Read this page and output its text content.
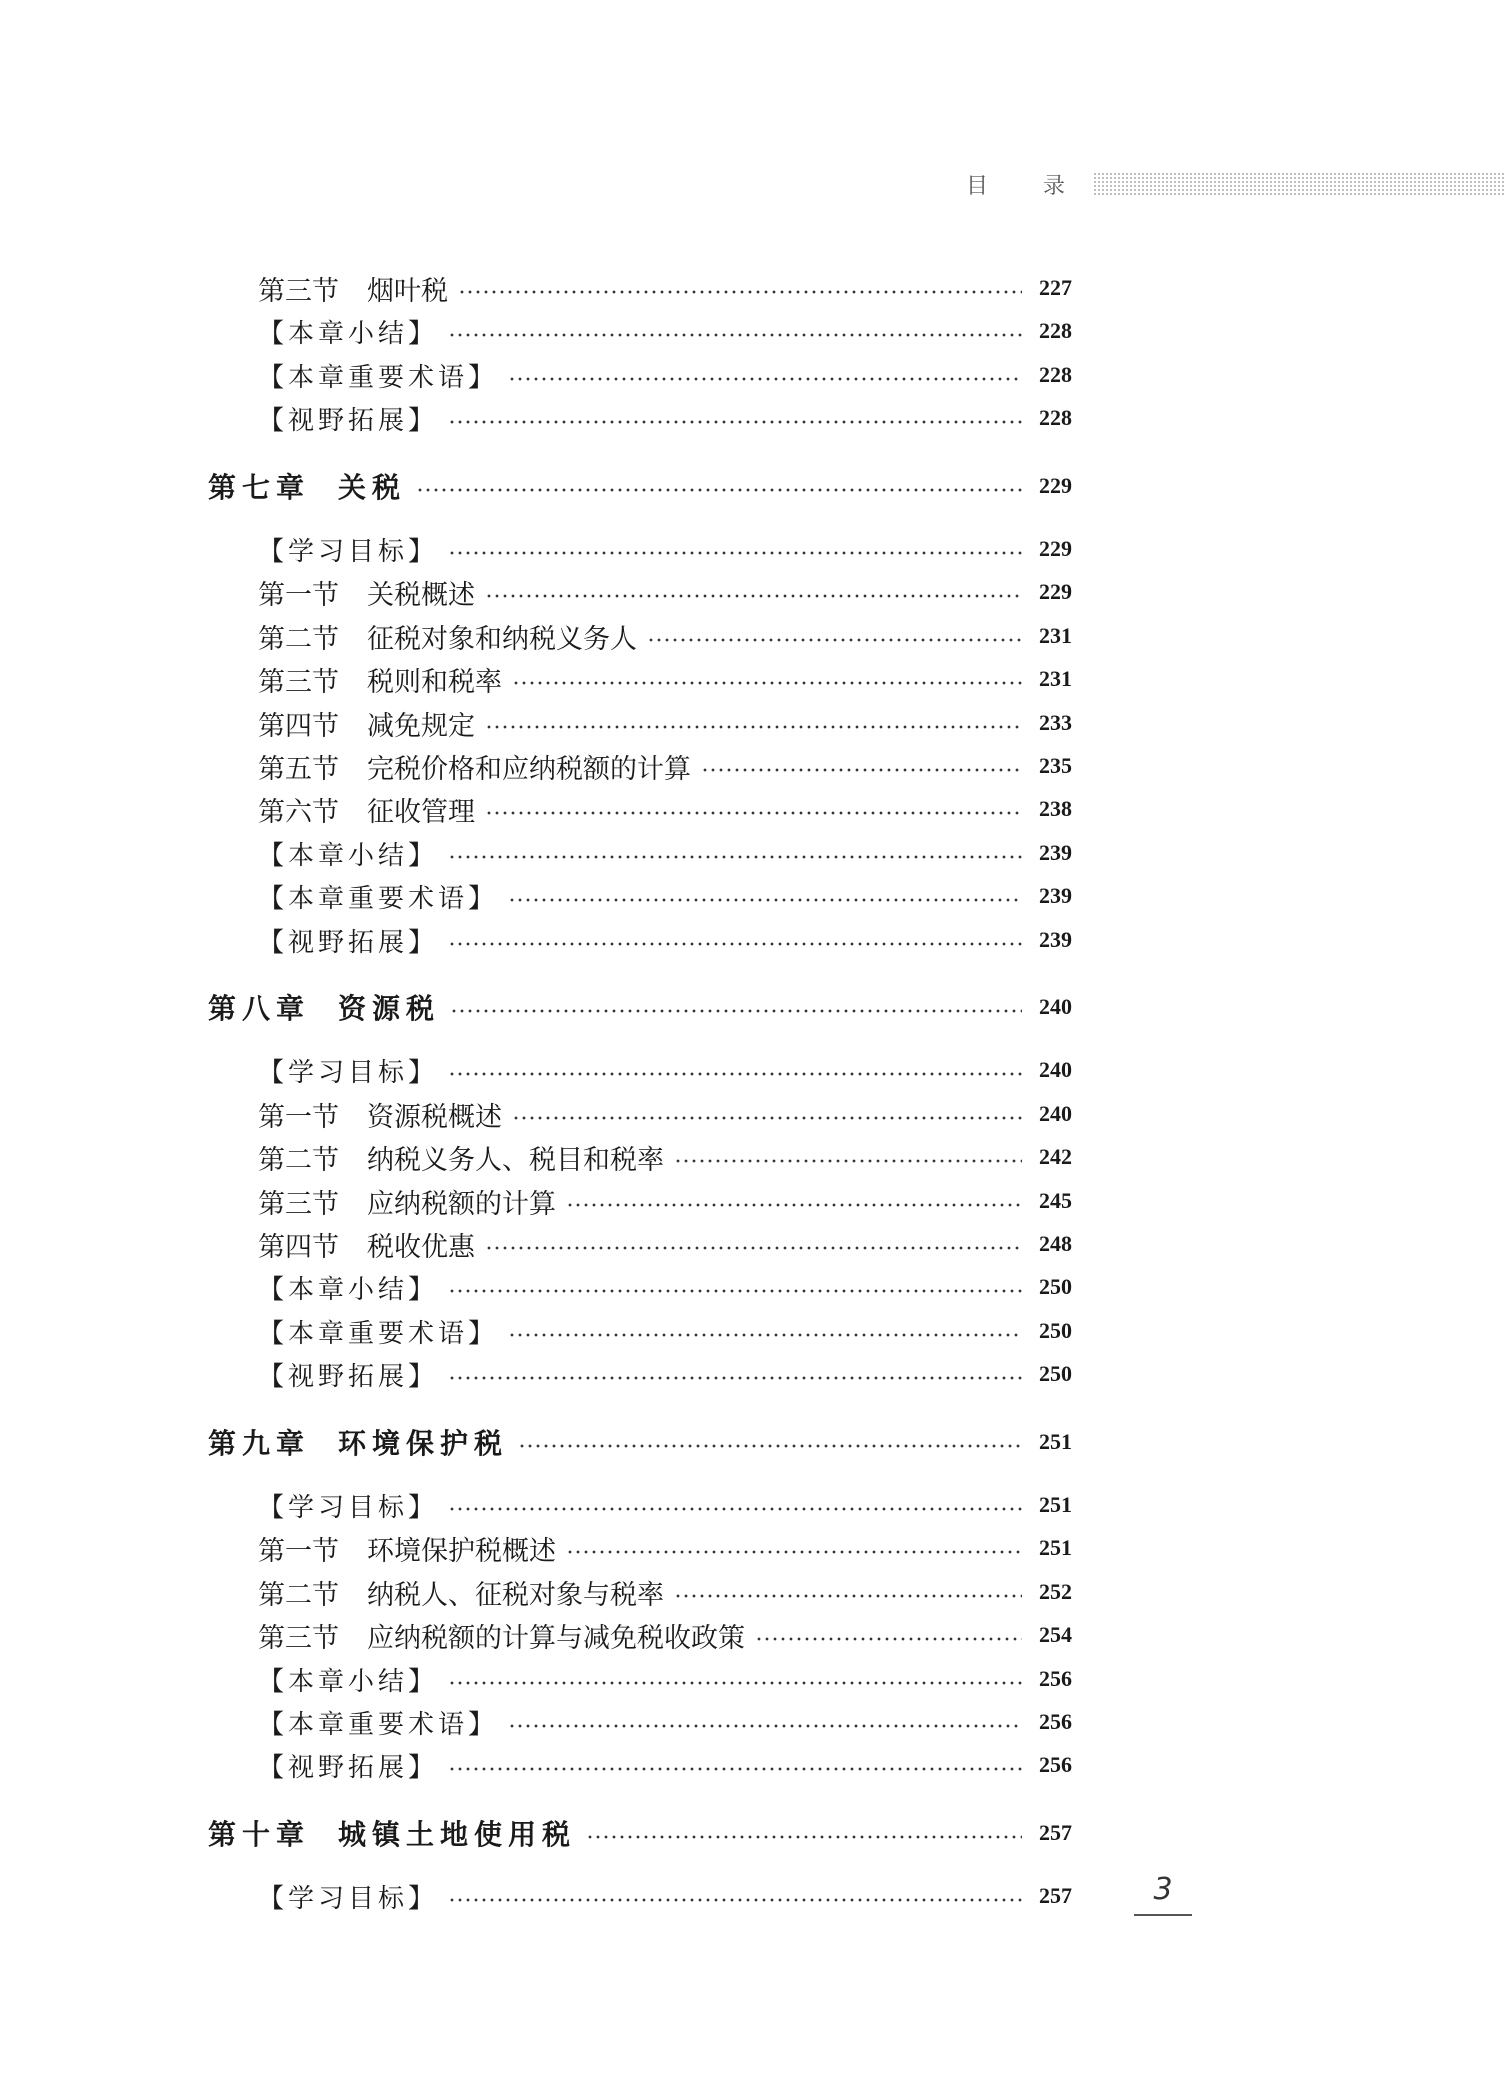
目 录
第三节 烟叶税	227
【本章小结】	228
【本章重要术语】	228
【视野拓展】	228
第七章 关税	229
【学习目标】	229
第一节 关税概述	229
第二节 征税对象和纳税义务人	231
第三节 税则和税率	231
第四节 减免规定	233
第五节 完税价格和应纳税额的计算	235
第六节 征收管理	238
【本章小结】	239
【本章重要术语】	239
【视野拓展】	239
第八章 资源税	240
【学习目标】	240
第一节 资源税概述	240
第二节 纳税义务人、税目和税率	242
第三节 应纳税额的计算	245
第四节 税收优惠	248
【本章小结】	250
【本章重要术语】	250
【视野拓展】	250
第九章 环境保护税	251
【学习目标】	251
第一节 环境保护税概述	251
第二节 纳税人、征税对象与税率	252
第三节 应纳税额的计算与减免税收政策	254
【本章小结】	256
【本章重要术语】	256
【视野拓展】	256
第十章 城镇土地使用税	257
【学习目标】	257	3
